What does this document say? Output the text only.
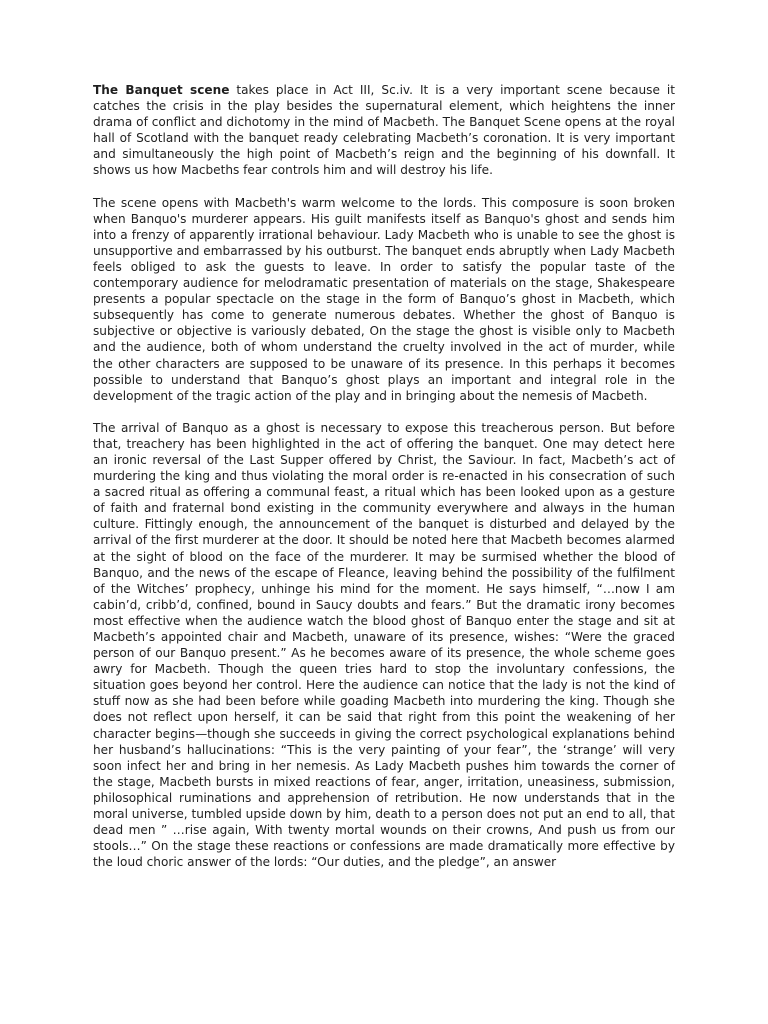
The Banquet scene takes place in Act III, Sc.iv. It is a very important scene because it catches the crisis in the play besides the supernatural element, which heightens the inner drama of conflict and dichotomy in the mind of Macbeth. The Banquet Scene opens at the royal hall of Scotland with the banquet ready celebrating Macbeth’s coronation. It is very important and simultaneously the high point of Macbeth’s reign and the beginning of his downfall. It shows us how Macbeths fear controls him and will destroy his life.

The scene opens with Macbeth's warm welcome to the lords. This composure is soon broken when Banquo's murderer appears. His guilt manifests itself as Banquo's ghost and sends him into a frenzy of apparently irrational behaviour. Lady Macbeth who is unable to see the ghost is unsupportive and embarrassed by his outburst. The banquet ends abruptly when Lady Macbeth feels obliged to ask the guests to leave. In order to satisfy the popular taste of the contemporary audience for melodramatic presentation of materials on the stage, Shakespeare presents a popular spectacle on the stage in the form of Banquo’s ghost in Macbeth, which subsequently has come to generate numerous debates. Whether the ghost of Banquo is subjective or objective is variously debated, On the stage the ghost is visible only to Macbeth and the audience, both of whom understand the cruelty involved in the act of murder, while the other characters are supposed to be unaware of its presence. In this perhaps it becomes possible to understand that Banquo’s ghost plays an important and integral role in the development of the tragic action of the play and in bringing about the nemesis of Macbeth.

The arrival of Banquo as a ghost is necessary to expose this treacherous person. But before that, treachery has been highlighted in the act of offering the banquet. One may detect here an ironic reversal of the Last Supper offered by Christ, the Saviour. In fact, Macbeth’s act of murdering the king and thus violating the moral order is re-enacted in his consecration of such a sacred ritual as offering a communal feast, a ritual which has been looked upon as a gesture of faith and fraternal bond existing in the community everywhere and always in the human culture. Fittingly enough, the announcement of the banquet is disturbed and delayed by the arrival of the first murderer at the door. It should be noted here that Macbeth becomes alarmed at the sight of blood on the face of the murderer. It may be surmised whether the blood of Banquo, and the news of the escape of Fleance, leaving behind the possibility of the fulfilment of the Witches’ prophecy, unhinge his mind for the moment. He says himself, “…now I am cabin’d, cribb’d, confined, bound in Saucy doubts and fears.” But the dramatic irony becomes most effective when the audience watch the blood ghost of Banquo enter the stage and sit at Macbeth’s appointed chair and Macbeth, unaware of its presence, wishes: “Were the graced person of our Banquo present.” As he becomes aware of its presence, the whole scheme goes awry for Macbeth. Though the queen tries hard to stop the involuntary confessions, the situation goes beyond her control. Here the audience can notice that the lady is not the kind of stuff now as she had been before while goading Macbeth into murdering the king. Though she does not reflect upon herself, it can be said that right from this point the weakening of her character begins—though she succeeds in giving the correct psychological explanations behind her husband’s hallucinations: “This is the very painting of your fear”, the ‘strange’ will very soon infect her and bring in her nemesis. As Lady Macbeth pushes him towards the corner of the stage, Macbeth bursts in mixed reactions of fear, anger, irritation, uneasiness, submission, philosophical ruminations and apprehension of retribution. He now understands that in the moral universe, tumbled upside down by him, death to a person does not put an end to all, that dead men ” …rise again, With twenty mortal wounds on their crowns, And push us from our stools…” On the stage these reactions or confessions are made dramatically more effective by the loud choric answer of the lords: “Our duties, and the pledge”, an answer
